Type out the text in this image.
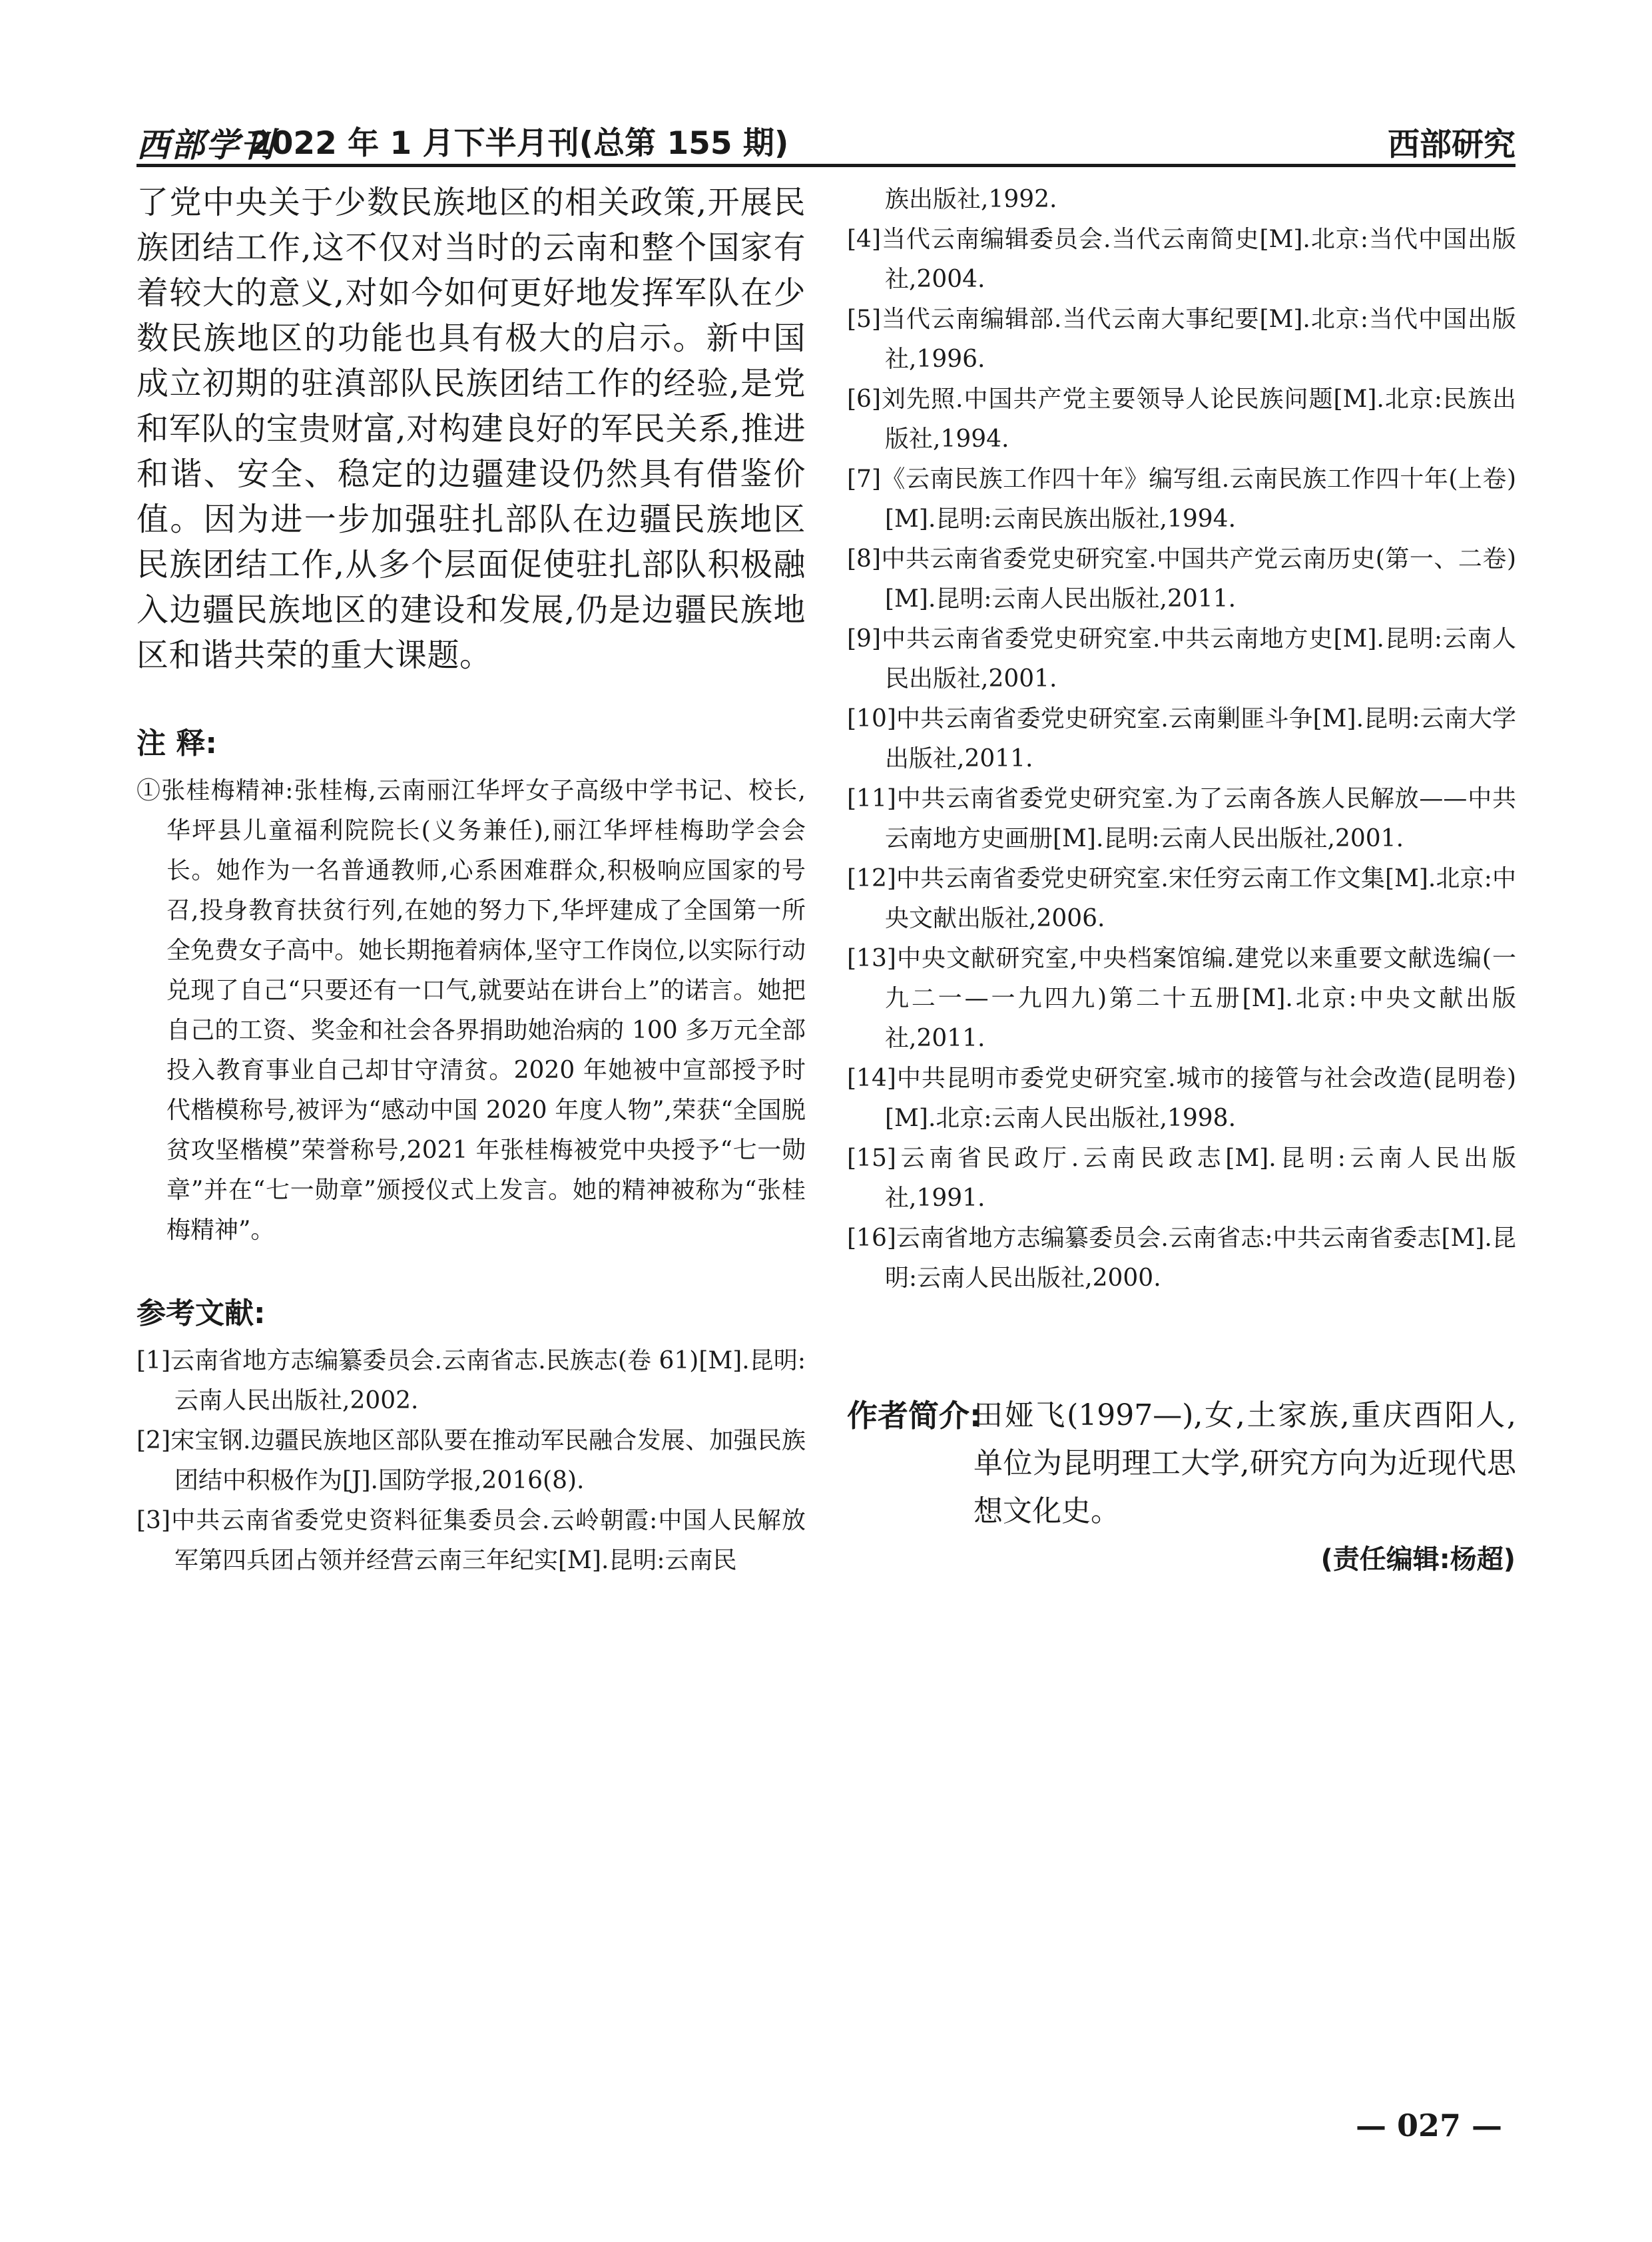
西部学刊
2022 年 1 月下半月刊(总第 155 期)	西部研究

了党中央关于少数民族地区的相关政策,开展民族团结工作,这不仅对当时的云南和整个国家有着较大的意义,对如今如何更好地发挥军队在少数民族地区的功能也具有极大的启示。新中国成立初期的驻滇部队民族团结工作的经验,是党和军队的宝贵财富,对构建良好的军民关系,推进和谐、安全、稳定的边疆建设仍然具有借鉴价值。因为进一步加强驻扎部队在边疆民族地区民族团结工作,从多个层面促使驻扎部队积极融入边疆民族地区的建设和发展,仍是边疆民族地区和谐共荣的重大课题。

注 释:

①张桂梅精神:张桂梅,云南丽江华坪女子高级中学书记、校长,华坪县儿童福利院院长(义务兼任),丽江华坪桂梅助学会会长。她作为一名普通教师,心系困难群众,积极响应国家的号召,投身教育扶贫行列,在她的努力下,华坪建成了全国第一所全免费女子高中。她长期拖着病体,坚守工作岗位,以实际行动兑现了自己“只要还有一口气,就要站在讲台上”的诺言。她把自己的工资、奖金和社会各界捐助她治病的 100 多万元全部投入教育事业自己却甘守清贫。2020 年她被中宣部授予时代楷模称号,被评为“感动中国 2020 年度人物”,荣获“全国脱贫攻坚楷模”荣誉称号,2021 年张桂梅被党中央授予“七一勋章”并在“七一勋章”颁授仪式上发言。她的精神被称为“张桂梅精神”。

参考文献:

[1]云南省地方志编纂委员会.云南省志.民族志(卷 61)[M].昆明:云南人民出版社,2002.

[2]宋宝钢.边疆民族地区部队要在推动军民融合发展、加强民族团结中积极作为[J].国防学报,2016(8).

[3]中共云南省委党史资料征集委员会.云岭朝霞:中国人民解放军第四兵团占领并经营云南三年纪实[M].昆明:云南民

族出版社,1992.

[4]当代云南编辑委员会.当代云南简史[M].北京:当代中国出版社,2004.

[5]当代云南编辑部.当代云南大事纪要[M].北京:当代中国出版社,1996.

[6]刘先照.中国共产党主要领导人论民族问题[M].北京:民族出版社,1994.

[7]《云南民族工作四十年》编写组.云南民族工作四十年(上卷)[M].昆明:云南民族出版社,1994.

[8]中共云南省委党史研究室.中国共产党云南历史(第一、二卷)[M].昆明:云南人民出版社,2011.

[9]中共云南省委党史研究室.中共云南地方史[M].昆明:云南人民出版社,2001.

[10]中共云南省委党史研究室.云南剿匪斗争[M].昆明:云南大学出版社,2011.

[11]中共云南省委党史研究室.为了云南各族人民解放——中共云南地方史画册[M].昆明:云南人民出版社,2001.

[12]中共云南省委党史研究室.宋任穷云南工作文集[M].北京:中央文献出版社,2006.

[13]中央文献研究室,中央档案馆编.建党以来重要文献选编(一九二一—一九四九)第二十五册[M].北京:中央文献出版社,2011.

[14]中共昆明市委党史研究室.城市的接管与社会改造(昆明卷)[M].北京:云南人民出版社,1998.

[15]云南省民政厅.云南民政志[M].昆明:云南人民出版社,1991.

[16]云南省地方志编纂委员会.云南省志:中共云南省委志[M].昆明:云南人民出版社,2000.

作者简介:
田娅飞(1997—),女,土家族,重庆酉阳人,单位为昆明理工大学,研究方向为近现代思想文化史。
(责任编辑:杨超)
— 027 —
